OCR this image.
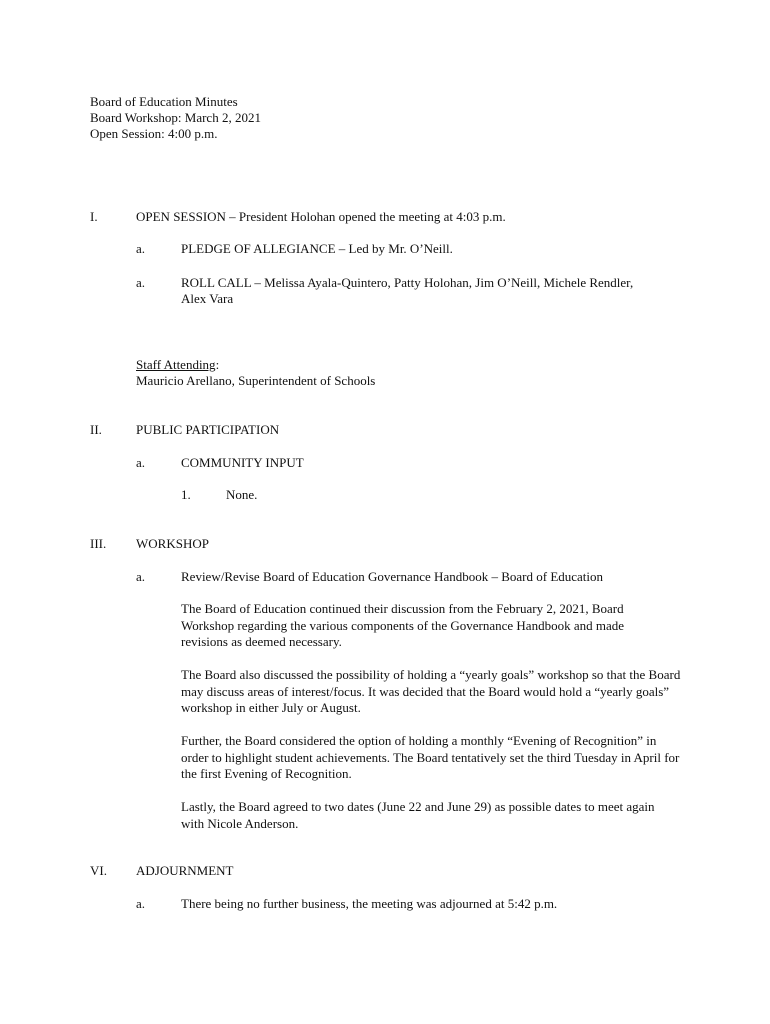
Board of Education Minutes
Board Workshop: March 2, 2021
Open Session: 4:00 p.m.
I.	OPEN SESSION – President Holohan opened the meeting at 4:03 p.m.
a.	PLEDGE OF ALLEGIANCE – Led by Mr. O’Neill.
a.	ROLL CALL – Melissa Ayala-Quintero, Patty Holohan, Jim O’Neill, Michele Rendler,
Alex Vara
Staff Attending:
Mauricio Arellano, Superintendent of Schools
II.	PUBLIC PARTICIPATION
a.	COMMUNITY INPUT
1.	None.
III. WORKSHOP
a.	Review/Revise Board of Education Governance Handbook – Board of Education
The Board of Education continued their discussion from the February 2, 2021, Board Workshop regarding the various components of the Governance Handbook and made revisions as deemed necessary.
The Board also discussed the possibility of holding a “yearly goals” workshop so that the Board may discuss areas of interest/focus. It was decided that the Board would hold a “yearly goals” workshop in either July or August.
Further, the Board considered the option of holding a monthly “Evening of Recognition” in order to highlight student achievements. The Board tentatively set the third Tuesday in April for the first Evening of Recognition.
Lastly, the Board agreed to two dates (June 22 and June 29) as possible dates to meet again with Nicole Anderson.
VI. ADJOURNMENT
a.	There being no further business, the meeting was adjourned at 5:42 p.m.
